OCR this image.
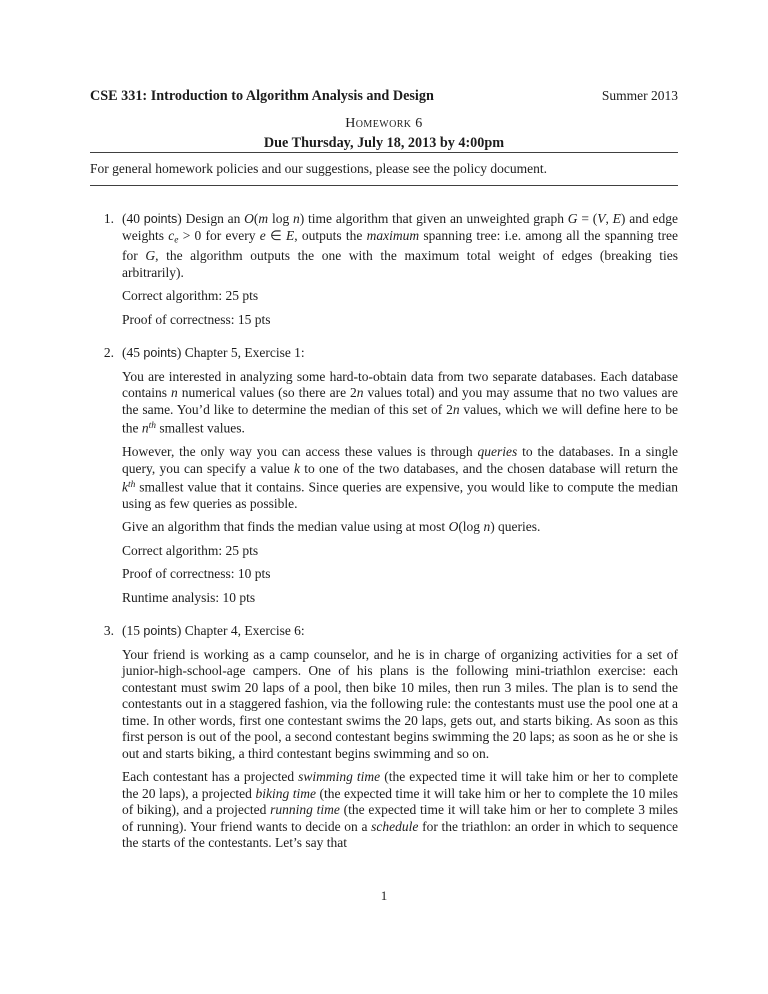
CSE 331: Introduction to Algorithm Analysis and Design	Summer 2013
Homework 6
Due Thursday, July 18, 2013 by 4:00pm
For general homework policies and our suggestions, please see the policy document.
1. (40 points) Design an O(m log n) time algorithm that given an unweighted graph G = (V, E) and edge weights ce > 0 for every e ∈ E, outputs the maximum spanning tree: i.e. among all the spanning tree for G, the algorithm outputs the one with the maximum total weight of edges (breaking ties arbitrarily).

Correct algorithm: 25 pts

Proof of correctness: 15 pts

2. (45 points) Chapter 5, Exercise 1:

You are interested in analyzing some hard-to-obtain data from two separate databases. Each database contains n numerical values (so there are 2n values total) and you may assume that no two values are the same. You’d like to determine the median of this set of 2n values, which we will define here to be the $n^{th}$ smallest values.

However, the only way you can access these values is through queries to the databases. In a single query, you can specify a value k to one of the two databases, and the chosen database will return the $k^{th}$ smallest value that it contains. Since queries are expensive, you would like to compute the median using as few queries as possible.

Give an algorithm that finds the median value using at most O(log n) queries.

Correct algorithm: 25 pts

Proof of correctness: 10 pts

Runtime analysis: 10 pts

3. (15 points) Chapter 4, Exercise 6:

Your friend is working as a camp counselor, and he is in charge of organizing activities for a set of junior-high-school-age campers. One of his plans is the following mini-triathlon exercise: each contestant must swim 20 laps of a pool, then bike 10 miles, then run 3 miles. The plan is to send the contestants out in a staggered fashion, via the following rule: the contestants must use the pool one at a time. In other words, first one contestant swims the 20 laps, gets out, and starts biking. As soon as this first person is out of the pool, a second contestant begins swimming the 20 laps; as soon as he or she is out and starts biking, a third contestant begins swimming and so on.

Each contestant has a projected swimming time (the expected time it will take him or her to complete the 20 laps), a projected biking time (the expected time it will take him or her to complete the 10 miles of biking), and a projected running time (the expected time it will take him or her to complete 3 miles of running). Your friend wants to decide on a schedule for the triathlon: an order in which to sequence the starts of the contestants. Let’s say that

1
